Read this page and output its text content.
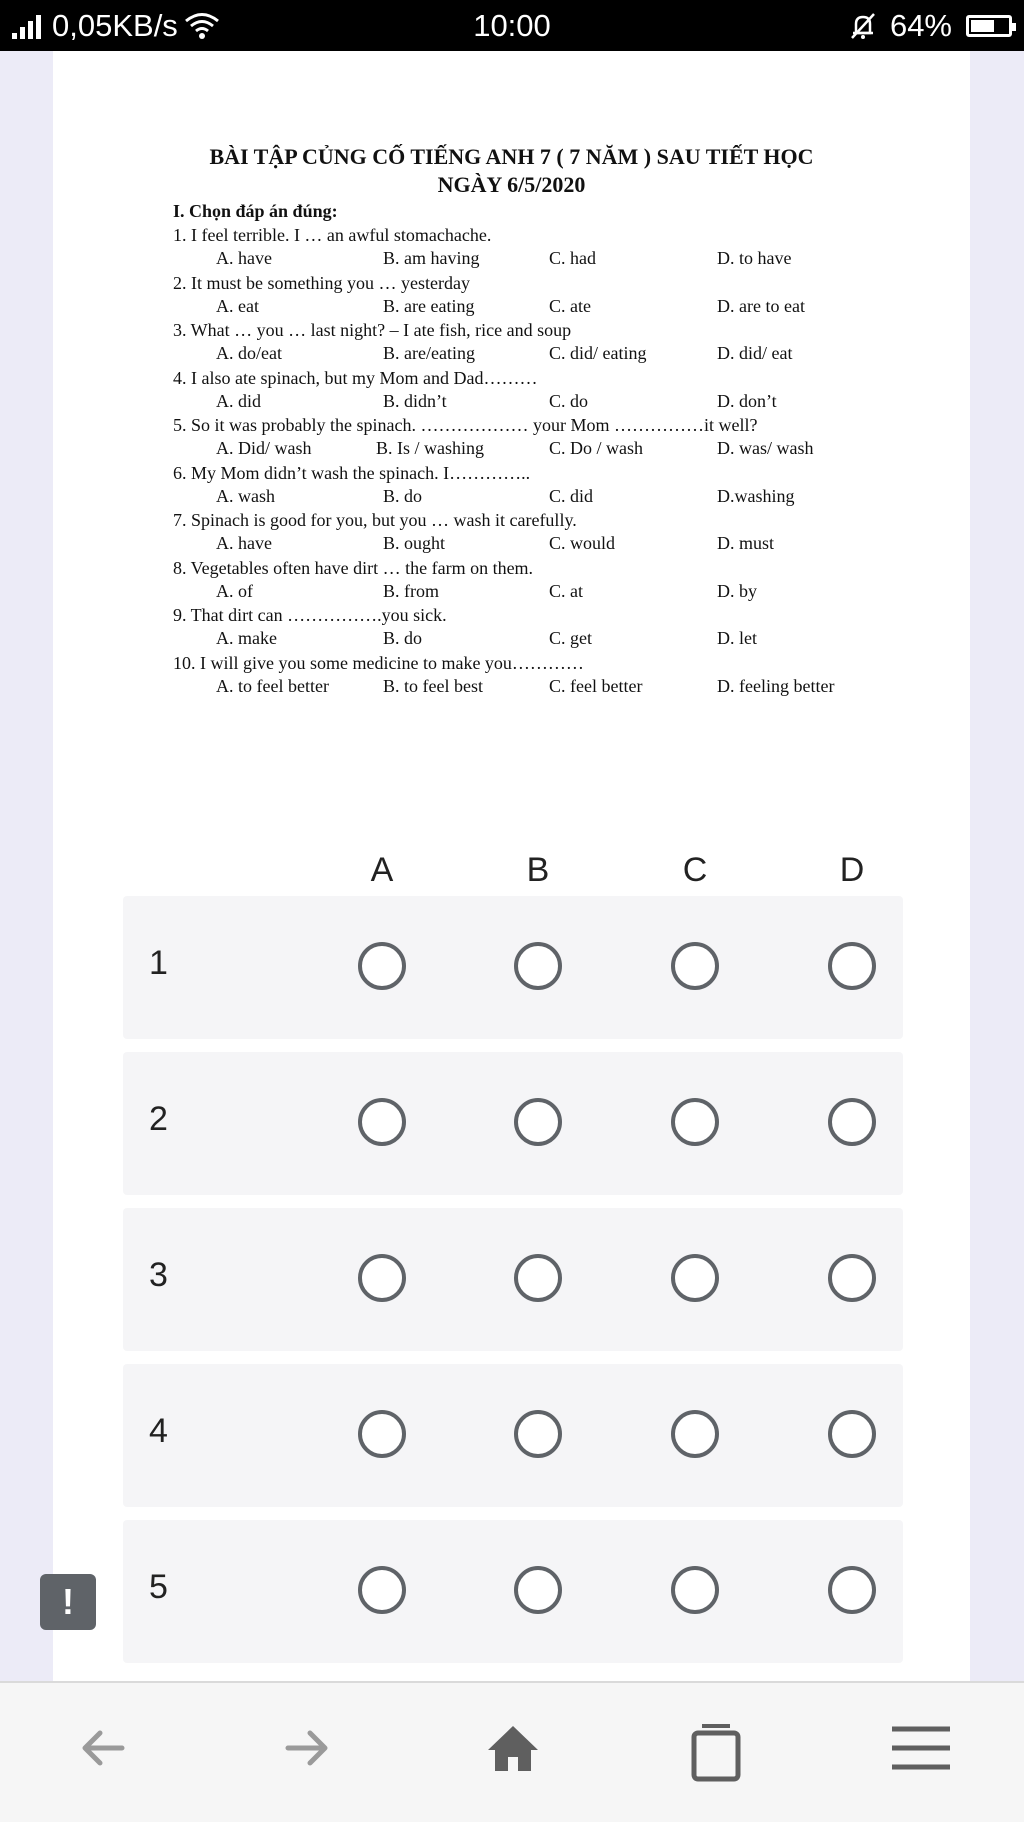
0,05KB/s	10:00	64%
BÀI TẬP CỦNG CỐ TIẾNG ANH 7 ( 7 NĂM ) SAU TIẾT HỌC
NGÀY 6/5/2020
I. Chọn đáp án đúng:
1. I feel terrible. I … an awful stomachache.
A. have	B. am having	C. had	D. to have
2. It must be something you … yesterday
A. eat	B. are eating	C. ate	D. are to eat
3. What … you … last night? – I ate fish, rice and soup
A. do/eat	B. are/eating	C. did/ eating	D. did/ eat
4. I also ate spinach, but my Mom and Dad………
A. did	B. didn’t	C. do	D. don’t
5. So it was probably the spinach. ……………… your Mom ……………it well?
A. Did/ wash	B. Is / washing	C. Do / wash	D. was/ wash
6. My Mom didn’t wash the spinach. I…………..
A. wash	B. do	C. did	D.washing
7. Spinach is good for you, but you … wash it carefully.
A. have	B. ought	C. would	D. must
8. Vegetables often have dirt … the farm on them.
A. of	B. from	C. at	D. by
9. That dirt can …………….you sick.
A. make	B. do	C. get	D. let
10. I will give you some medicine to make you…………
A. to feel better	B. to feel best	C. feel better	D. feeling better
A	B	C	D
1
2
3
4
5
!
